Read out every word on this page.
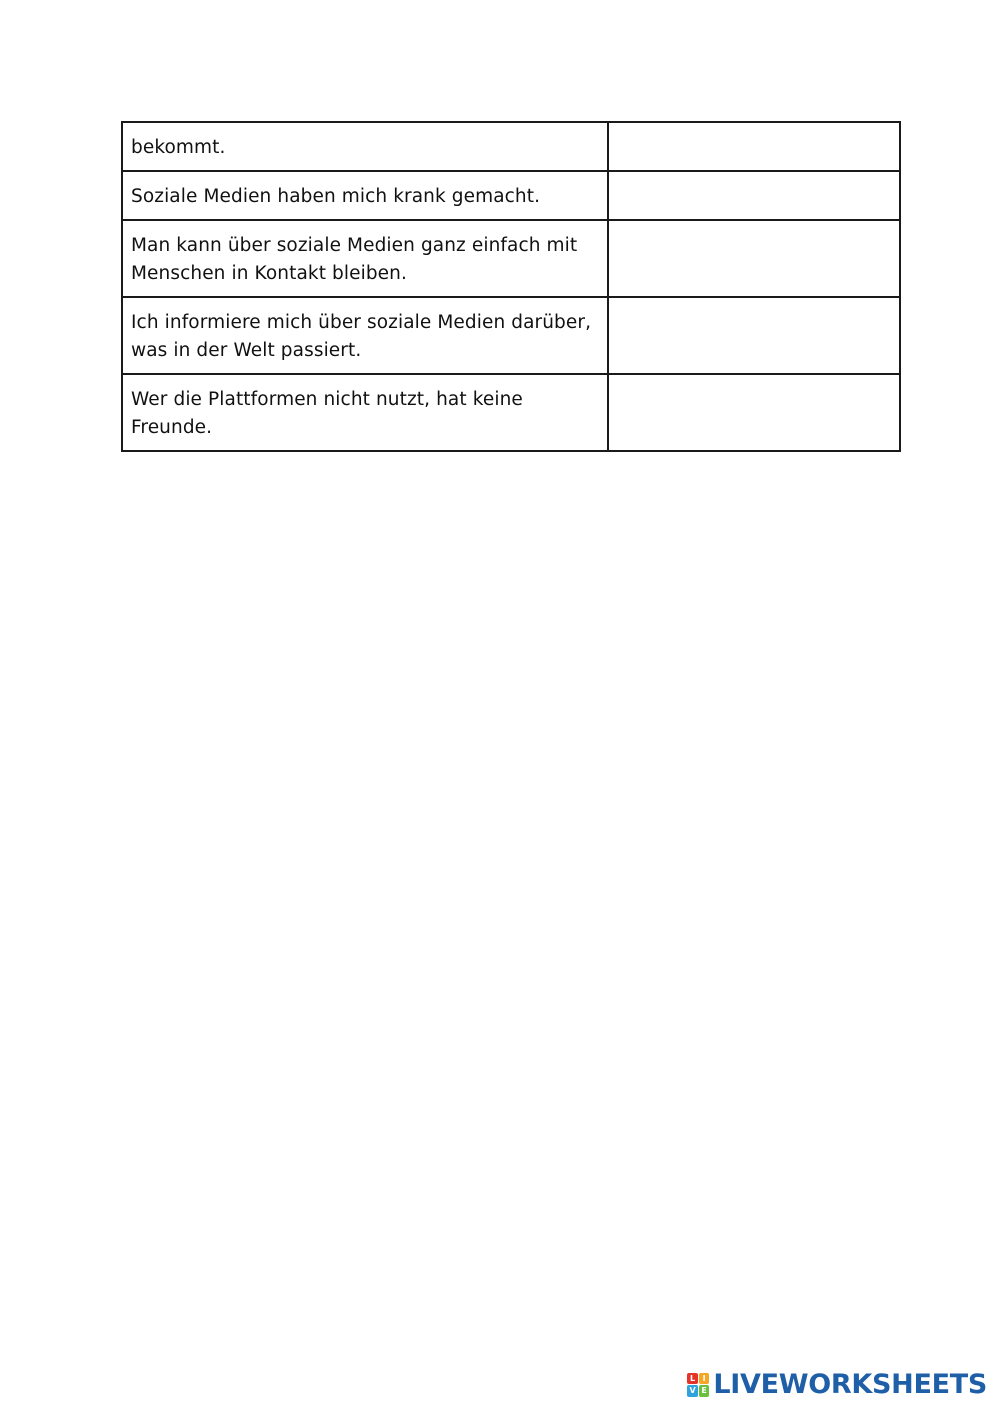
bekommt.	
Soziale Medien haben mich krank gemacht.	
Man kann über soziale Medien ganz einfach mit Menschen in Kontakt bleiben.	
Ich informiere mich über soziale Medien darüber, was in der Welt passiert.	
Wer die Plattformen nicht nutzt, hat keine Freunde.	
L I
V E LIVEWORKSHEETS
